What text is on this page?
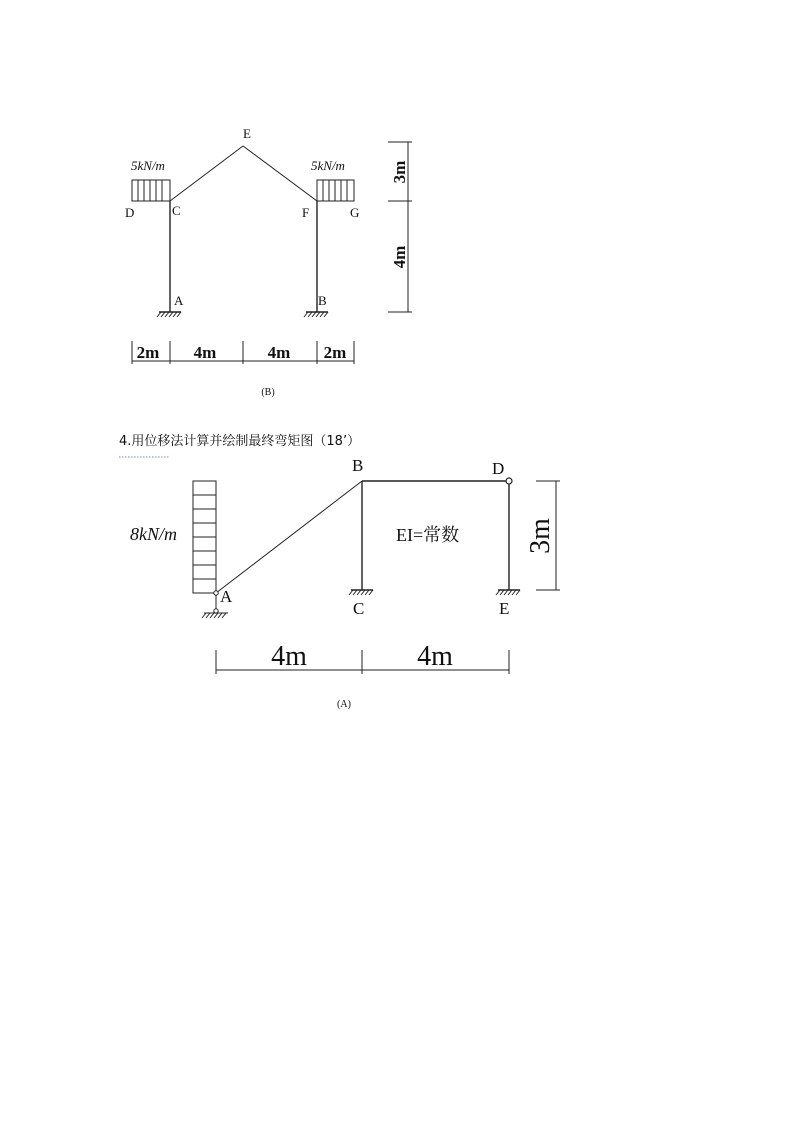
5kN/m	5kN/m
D	C
E
F	G
A	B
3m
4m
2m 4m	4m 2m
(B)
4.用位移法计算并绘制最终弯矩图（18’）
8kN/m
A
B
C
D
E
EI=常数 3m
4m	4m
(A)
